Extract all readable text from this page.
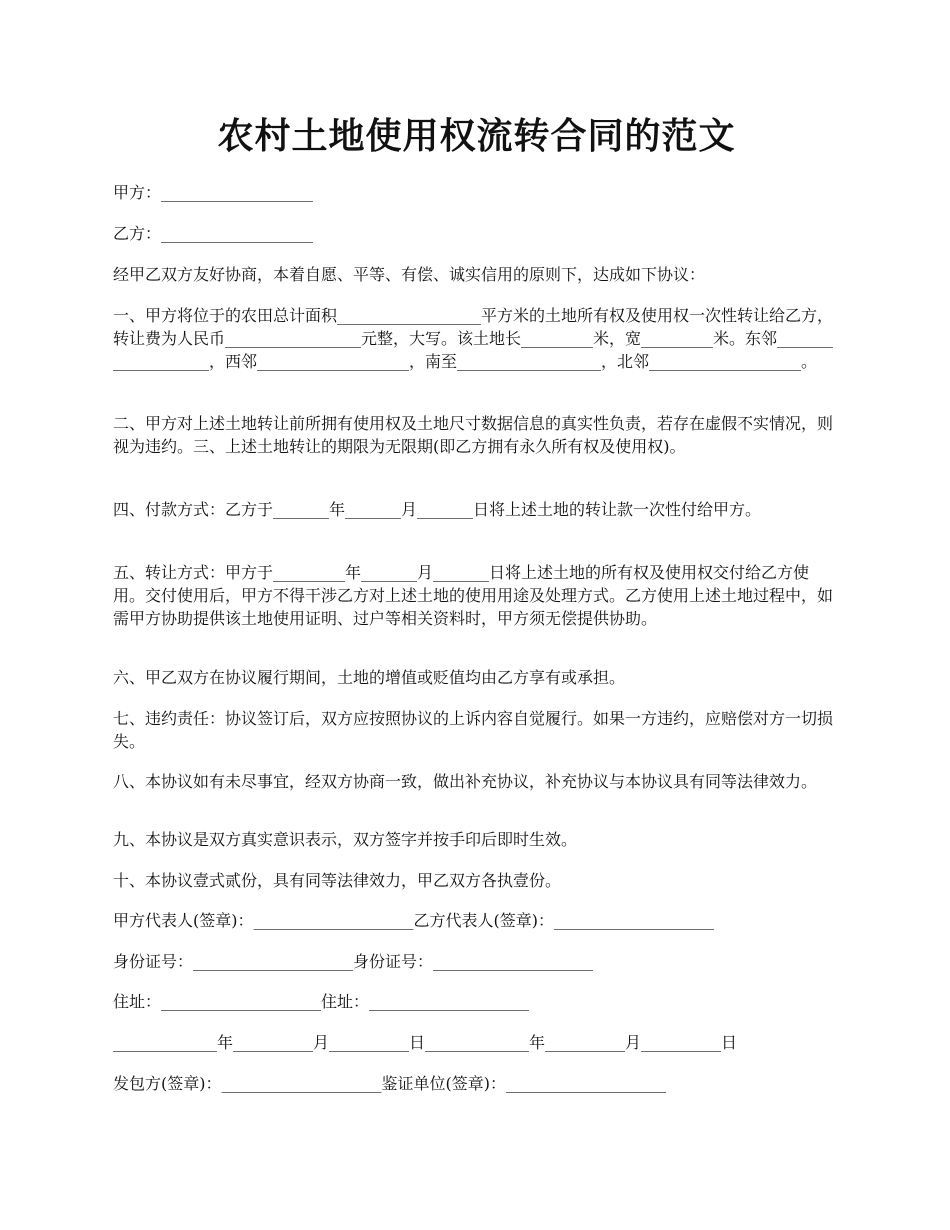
农村土地使用权流转合同的范文

甲方：___________________

乙方：___________________

经甲乙双方友好协商，本着自愿、平等、有偿、诚实信用的原则下，达成如下协议：

一、甲方将位于的农田总计面积__________________平方米的土地所有权及使用权一次性转让给乙方，转让费为人民币_________________元整，大写。该土地长_________米，宽_________米。东邻___________________，西邻___________________，南至__________________，北邻___________________。

二、甲方对上述土地转让前所拥有使用权及土地尺寸数据信息的真实性负责，若存在虚假不实情况，则视为违约。三、上述土地转让的期限为无限期(即乙方拥有永久所有权及使用权)。

四、付款方式：乙方于_______年_______月_______日将上述土地的转让款一次性付给甲方。

五、转让方式：甲方于_________年_______月_______日将上述土地的所有权及使用权交付给乙方使用。交付使用后，甲方不得干涉乙方对上述土地的使用用途及处理方式。乙方使用上述土地过程中，如需甲方协助提供该土地使用证明、过户等相关资料时，甲方须无偿提供协助。

六、甲乙双方在协议履行期间，土地的增值或贬值均由乙方享有或承担。

七、违约责任：协议签订后，双方应按照协议的上诉内容自觉履行。如果一方违约，应赔偿对方一切损失。

八、本协议如有未尽事宜，经双方协商一致，做出补充协议，补充协议与本协议具有同等法律效力。

九、本协议是双方真实意识表示，双方签字并按手印后即时生效。

十、本协议壹式贰份，具有同等法律效力，甲乙双方各执壹份。

甲方代表人(签章)：____________________乙方代表人(签章)：____________________

身份证号：____________________身份证号：____________________

住址：____________________住址：____________________

_____________年__________月__________日_____________年__________月__________日

发包方(签章)：____________________鉴证单位(签章)：____________________
